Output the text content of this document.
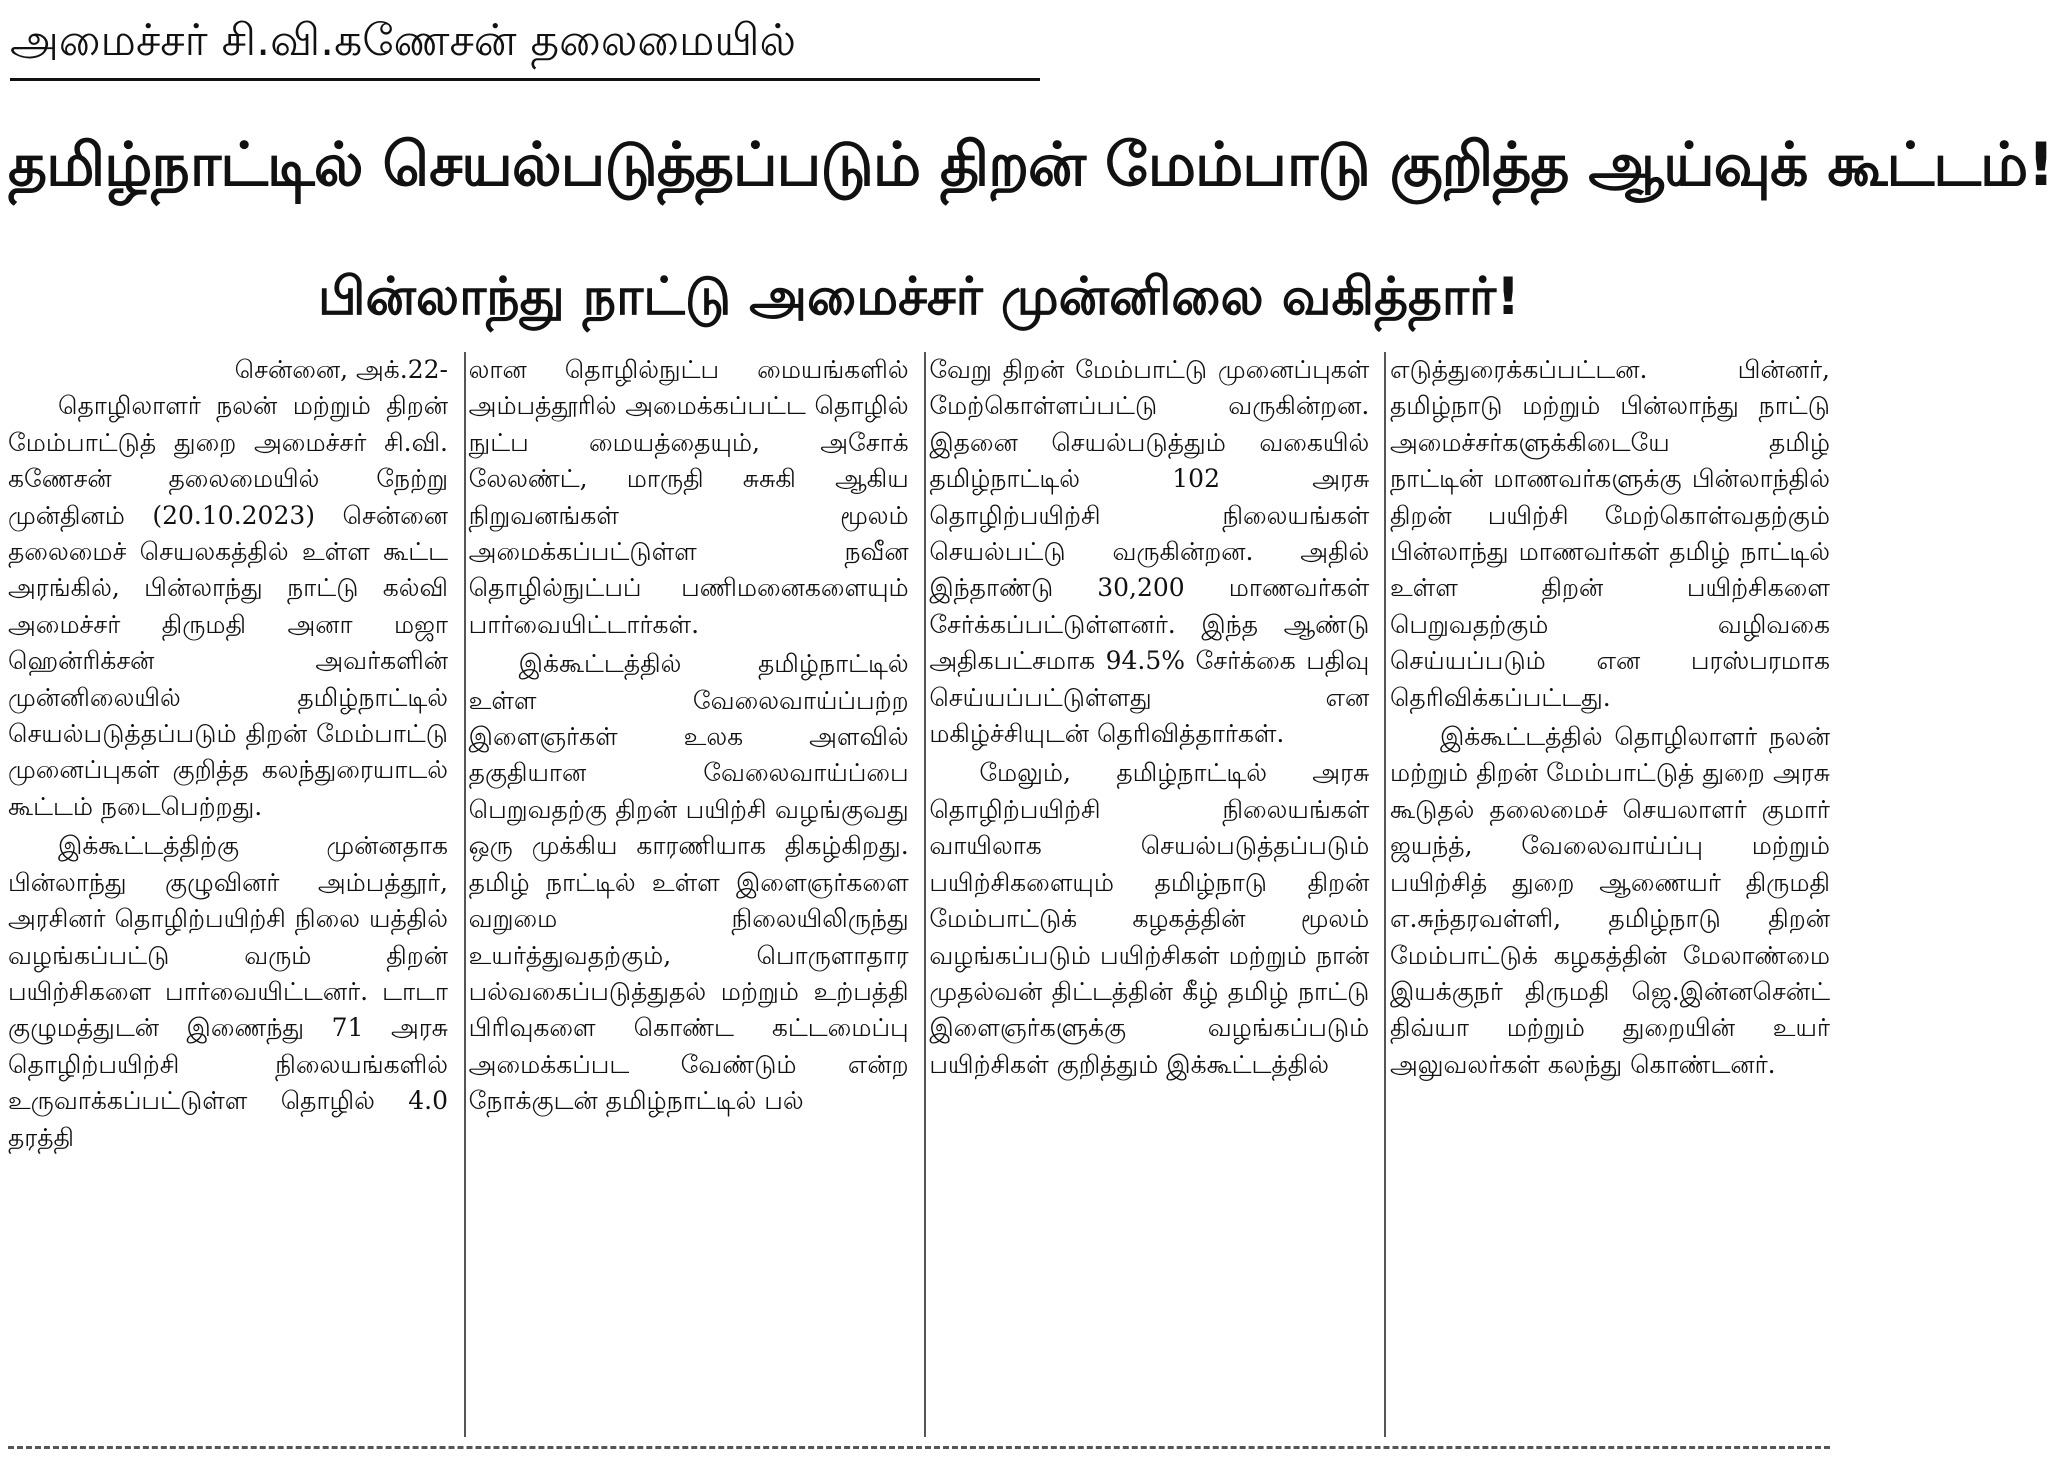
அமைச்சர் சி.வி.கணேசன் தலைமையில்
தமிழ்நாட்டில் செயல்படுத்தப்படும் திறன் மேம்பாடு குறித்த ஆய்வுக் கூட்டம்!
பின்லாந்து நாட்டு அமைச்சர் முன்னிலை வகித்தார்!

சென்னை, அக்.22-

தொழிலாளர் நலன் மற்றும் திறன் மேம்பாட்டுத் துறை அமைச்சர் சி.வி. கணேசன் தலைமையில் நேற்று முன்தினம் (20.10.2023) சென்னை தலைமைச் செயலகத்தில் உள்ள கூட்ட அரங்கில், பின்லாந்து நாட்டு கல்வி அமைச்சர் திருமதி அனா மஜா ஹென்ரிக்சன் அவர்களின் முன்னிலையில் தமிழ்நாட்டில் செயல்படுத்தப்படும் திறன் மேம்பாட்டு முனைப்புகள் குறித்த கலந்துரையாடல் கூட்டம் நடைபெற்றது.

இக்கூட்டத்திற்கு முன்னதாக பின்லாந்து குழுவினர் அம்பத்தூர், அரசினர் தொழிற்பயிற்சி நிலை யத்தில் வழங்கப்பட்டு வரும் திறன் பயிற்சிகளை பார்வையிட்டனர். டாடா குழுமத்துடன் இணைந்து 71 அரசு தொழிற்பயிற்சி நிலையங்களில் உருவாக்கப்பட்டுள்ள தொழில் 4.0 தரத்தி

லான தொழில்நுட்ப மையங்களில் அம்பத்தூரில் அமைக்கப்பட்ட தொழில் நுட்ப மையத்தையும், அசோக் லேலண்ட், மாருதி சுசுகி ஆகிய நிறுவனங்கள் மூலம் அமைக்கப்பட்டுள்ள நவீன தொழில்நுட்பப் பணிமனைகளையும் பார்வையிட்டார்கள்.

இக்கூட்டத்தில் தமிழ்நாட்டில் உள்ள வேலைவாய்ப்பற்ற இளைஞர்கள் உலக அளவில் தகுதியான வேலைவாய்ப்பை பெறுவதற்கு திறன் பயிற்சி வழங்குவது ஒரு முக்கிய காரணியாக திகழ்கிறது. தமிழ் நாட்டில் உள்ள இளைஞர்களை வறுமை நிலையிலிருந்து உயர்த்துவதற்கும், பொருளாதார பல்வகைப்படுத்துதல் மற்றும் உற்பத்தி பிரிவுகளை கொண்ட கட்டமைப்பு அமைக்கப்பட வேண்டும் என்ற நோக்குடன் தமிழ்நாட்டில் பல்

வேறு திறன் மேம்பாட்டு முனைப்புகள் மேற்கொள்ளப்பட்டு வருகின்றன. இதனை செயல்படுத்தும் வகையில் தமிழ்நாட்டில் 102 அரசு தொழிற்பயிற்சி நிலையங்கள் செயல்பட்டு வருகின்றன. அதில் இந்தாண்டு 30,200 மாணவர்கள் சேர்க்கப்பட்டுள்ளனர். இந்த ஆண்டு அதிகபட்சமாக 94.5% சேர்க்கை பதிவு செய்யப்பட்டுள்ளது என மகிழ்ச்சியுடன் தெரிவித்தார்கள்.

மேலும், தமிழ்நாட்டில் அரசு தொழிற்பயிற்சி நிலையங்கள் வாயிலாக செயல்படுத்தப்படும் பயிற்சிகளையும் தமிழ்நாடு திறன் மேம்பாட்டுக் கழகத்தின் மூலம் வழங்கப்படும் பயிற்சிகள் மற்றும் நான் முதல்வன் திட்டத்தின் கீழ் தமிழ் நாட்டு இளைஞர்களுக்கு வழங்கப்படும் பயிற்சிகள் குறித்தும் இக்கூட்டத்தில்

எடுத்துரைக்கப்பட்டன. பின்னர், தமிழ்நாடு மற்றும் பின்லாந்து நாட்டு அமைச்சர்களுக்கிடையே தமிழ் நாட்டின் மாணவர்களுக்கு பின்லாந்தில் திறன் பயிற்சி மேற்கொள்வதற்கும் பின்லாந்து மாணவர்கள் தமிழ் நாட்டில் உள்ள திறன் பயிற்சிகளை பெறுவதற்கும் வழிவகை செய்யப்படும் என பரஸ்பரமாக தெரிவிக்கப்பட்டது.

இக்கூட்டத்தில் தொழிலாளர் நலன் மற்றும் திறன் மேம்பாட்டுத் துறை அரசு கூடுதல் தலைமைச் செயலாளர் குமார் ஜயந்த், வேலைவாய்ப்பு மற்றும் பயிற்சித் துறை ஆணையர் திருமதி எ.சுந்தரவள்ளி, தமிழ்நாடு திறன் மேம்பாட்டுக் கழகத்தின் மேலாண்மை இயக்குநர் திருமதி ஜெ.இன்னசென்ட் திவ்யா மற்றும் துறையின் உயர் அலுவலர்கள் கலந்து கொண்டனர்.
